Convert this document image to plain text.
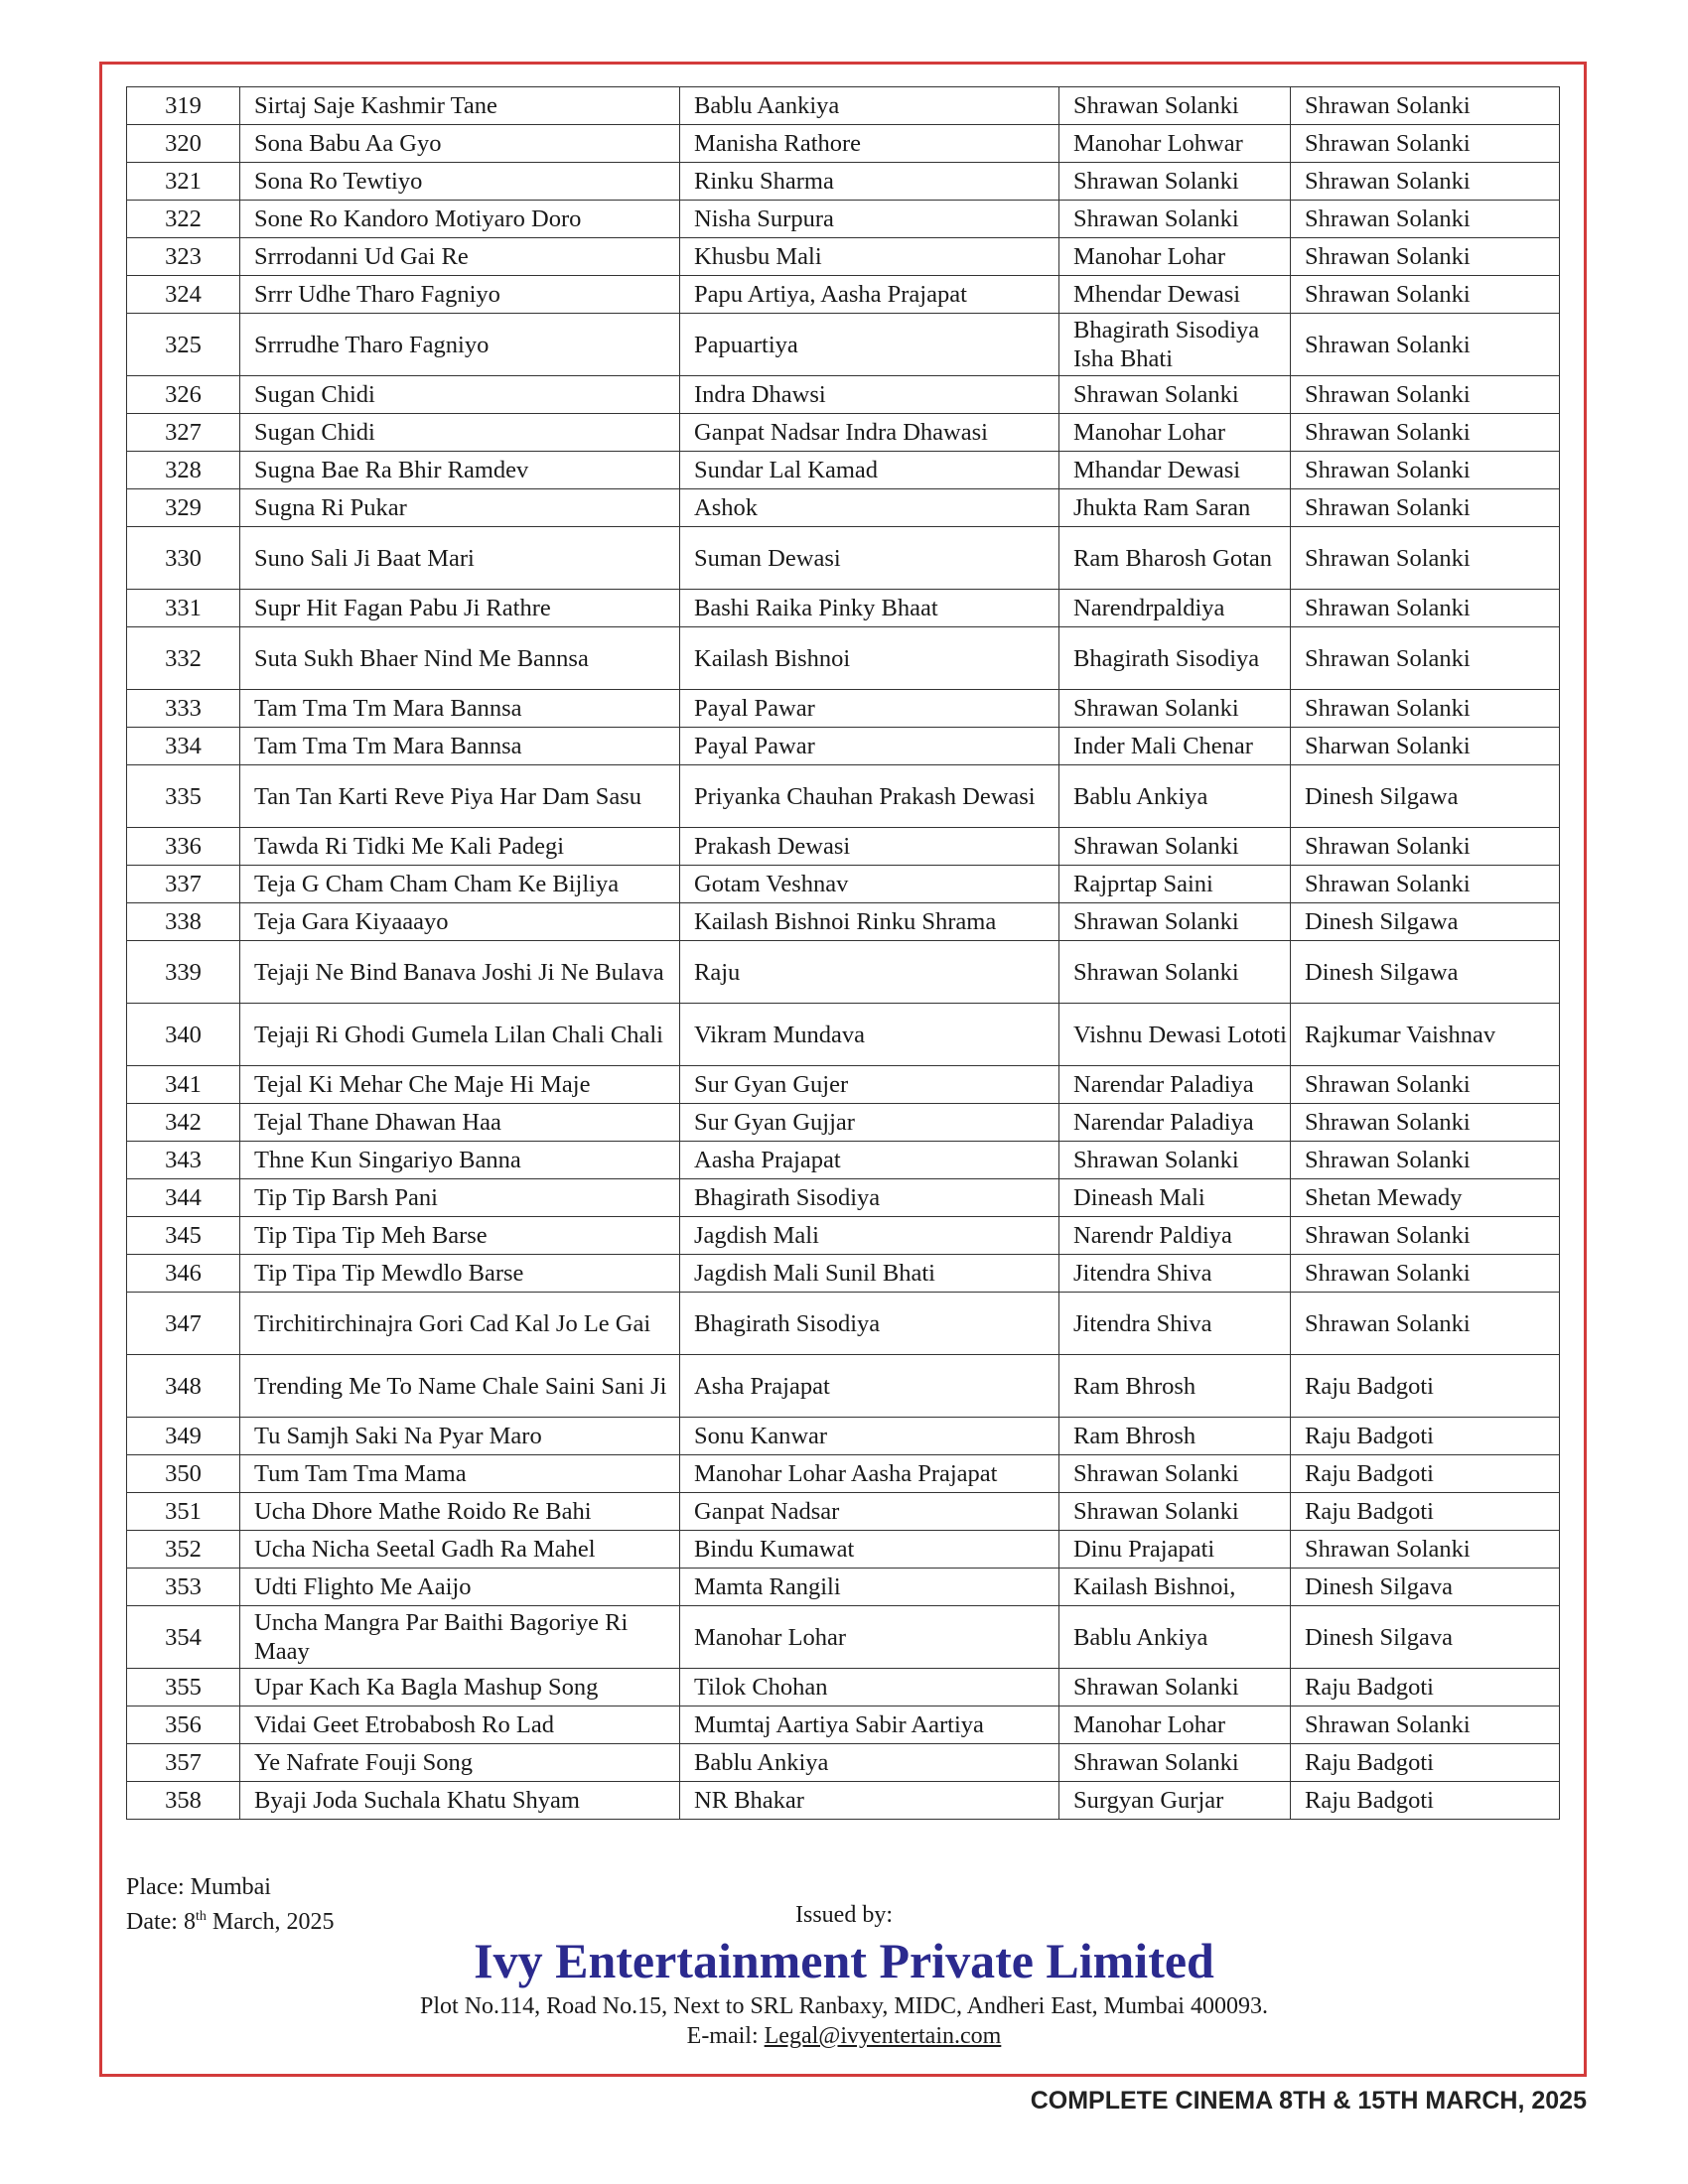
319	Sirtaj Saje Kashmir Tane	Bablu Aankiya	Shrawan Solanki	Shrawan Solanki
320	Sona Babu Aa Gyo	Manisha Rathore	Manohar Lohwar	Shrawan Solanki
321	Sona Ro Tewtiyo	Rinku Sharma	Shrawan Solanki	Shrawan Solanki
322	Sone Ro Kandoro Motiyaro Doro	Nisha Surpura	Shrawan Solanki	Shrawan Solanki
323	Srrrodanni Ud Gai Re	Khusbu Mali	Manohar Lohar	Shrawan Solanki
324	Srrr Udhe Tharo Fagniyo	Papu Artiya, Aasha Prajapat	Mhendar Dewasi	Shrawan Solanki
325	Srrrudhe Tharo Fagniyo	Papuartiya	Bhagirath Sisodiya Isha Bhati	Shrawan Solanki
326	Sugan Chidi	Indra Dhawsi	Shrawan Solanki	Shrawan Solanki
327	Sugan Chidi	Ganpat Nadsar Indra Dhawasi	Manohar Lohar	Shrawan Solanki
328	Sugna Bae Ra Bhir Ramdev	Sundar Lal Kamad	Mhandar Dewasi	Shrawan Solanki
329	Sugna Ri Pukar	Ashok	Jhukta Ram Saran	Shrawan Solanki
330	Suno Sali Ji Baat Mari	Suman Dewasi	Ram Bharosh Gotan	Shrawan Solanki
331	Supr Hit Fagan Pabu Ji Rathre	Bashi Raika Pinky Bhaat	Narendrpaldiya	Shrawan Solanki
332	Suta Sukh Bhaer Nind Me Bannsa	Kailash Bishnoi	Bhagirath Sisodiya	Shrawan Solanki
333	Tam Tma Tm Mara Bannsa	Payal Pawar	Shrawan Solanki	Shrawan Solanki
334	Tam Tma Tm Mara Bannsa	Payal Pawar	Inder Mali Chenar	Sharwan Solanki
335	Tan Tan Karti Reve Piya Har Dam Sasu	Priyanka Chauhan Prakash Dewasi	Bablu Ankiya	Dinesh Silgawa
336	Tawda Ri Tidki Me Kali Padegi	Prakash Dewasi	Shrawan Solanki	Shrawan Solanki
337	Teja G Cham Cham Cham Ke Bijliya	Gotam Veshnav	Rajprtap Saini	Shrawan Solanki
338	Teja Gara Kiyaaayo	Kailash Bishnoi Rinku Shrama	Shrawan Solanki	Dinesh Silgawa
339	Tejaji Ne Bind Banava Joshi Ji Ne Bulava	Raju	Shrawan Solanki	Dinesh Silgawa
340	Tejaji Ri Ghodi Gumela Lilan Chali Chali	Vikram Mundava	Vishnu Dewasi Lototi	Rajkumar Vaishnav
341	Tejal Ki Mehar Che Maje Hi Maje	Sur Gyan Gujer	Narendar Paladiya	Shrawan Solanki
342	Tejal Thane Dhawan Haa	Sur Gyan Gujjar	Narendar Paladiya	Shrawan Solanki
343	Thne Kun Singariyo Banna	Aasha Prajapat	Shrawan Solanki	Shrawan Solanki
344	Tip Tip Barsh Pani	Bhagirath Sisodiya	Dineash Mali	Shetan Mewady
345	Tip Tipa Tip Meh Barse	Jagdish Mali	Narendr Paldiya	Shrawan Solanki
346	Tip Tipa Tip Mewdlo Barse	Jagdish Mali Sunil Bhati	Jitendra Shiva	Shrawan Solanki
347	Tirchitirchinajra Gori Cad Kal Jo Le Gai	Bhagirath Sisodiya	Jitendra Shiva	Shrawan Solanki
348	Trending Me To Name Chale Saini Sani Ji	Asha Prajapat	Ram Bhrosh	Raju Badgoti
349	Tu Samjh Saki Na Pyar Maro	Sonu Kanwar	Ram Bhrosh	Raju Badgoti
350	Tum Tam Tma Mama	Manohar Lohar Aasha Prajapat	Shrawan Solanki	Raju Badgoti
351	Ucha Dhore Mathe Roido Re Bahi	Ganpat Nadsar	Shrawan Solanki	Raju Badgoti
352	Ucha Nicha Seetal Gadh Ra Mahel	Bindu Kumawat	Dinu Prajapati	Shrawan Solanki
353	Udti Flighto Me Aaijo	Mamta Rangili	Kailash Bishnoi,	Dinesh Silgava
354	Uncha Mangra Par Baithi Bagoriye Ri Maay	Manohar Lohar	Bablu Ankiya	Dinesh Silgava
355	Upar Kach Ka Bagla Mashup Song	Tilok Chohan	Shrawan Solanki	Raju Badgoti
356	Vidai Geet Etrobabosh Ro Lad	Mumtaj Aartiya Sabir Aartiya	Manohar Lohar	Shrawan Solanki
357	Ye Nafrate Fouji Song	Bablu Ankiya	Shrawan Solanki	Raju Badgoti
358	Byaji Joda Suchala Khatu Shyam	NR Bhakar	Surgyan Gurjar	Raju Badgoti
Place: Mumbai
Date: 8th March, 2025	Issued by:
Ivy Entertainment Private Limited
Plot No.114, Road No.15, Next to SRL Ranbaxy, MIDC, Andheri East, Mumbai 400093.
E-mail: Legal@ivyentertain.com
COMPLETE CINEMA 8TH & 15TH MARCH, 2025
